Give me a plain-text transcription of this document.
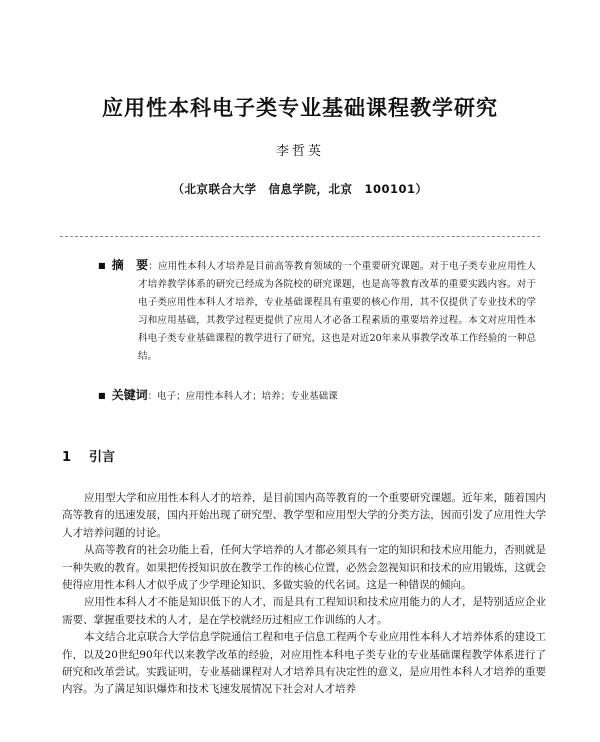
应用性本科电子类专业基础课程教学研究
李哲英
（北京联合大学　信息学院，北京　100101）
■ 摘　要：应用性本科人才培养是目前高等教育领域的一个重要研究课题。对于电子类专业应用性人才培养教学体系的研究已经成为各院校的研究课题，也是高等教育改革的重要实践内容。对于电子类应用性本科人才培养，专业基础课程具有重要的核心作用，其不仅提供了专业技术的学习和应用基础，其教学过程更提供了应用人才必备工程素质的重要培养过程。本文对应用性本科电子类专业基础课程的教学进行了研究，这也是对近20年来从事教学改革工作经验的一种总结。
■ 关键词：电子；应用性本科人才；培养；专业基础课
1 引言

应用型大学和应用性本科人才的培养，是目前国内高等教育的一个重要研究课题。近年来，随着国内高等教育的迅速发展，国内开始出现了研究型、教学型和应用型大学的分类方法，因而引发了应用性大学人才培养问题的讨论。

从高等教育的社会功能上看，任何大学培养的人才都必须具有一定的知识和技术应用能力，否则就是一种失败的教育。如果把传授知识放在教学工作的核心位置，必然会忽视知识和技术的应用锻炼，这就会使得应用性本科人才似乎成了少学理论知识、多做实验的代名词。这是一种错误的倾向。

应用性本科人才不能是知识低下的人才，而是具有工程知识和技术应用能力的人才，是特别适应企业需要、掌握重要技术的人才，是在学校就经历过相应工作训练的人才。

本文结合北京联合大学信息学院通信工程和电子信息工程两个专业应用性本科人才培养体系的建设工作，以及20世纪90年代以来教学改革的经验，对应用性本科电子类专业的专业基础课程教学体系进行了研究和改革尝试。实践证明，专业基础课程对人才培养具有决定性的意义，是应用性本科人才培养的重要内容。为了满足知识爆炸和技术飞速发展情况下社会对人才培养
